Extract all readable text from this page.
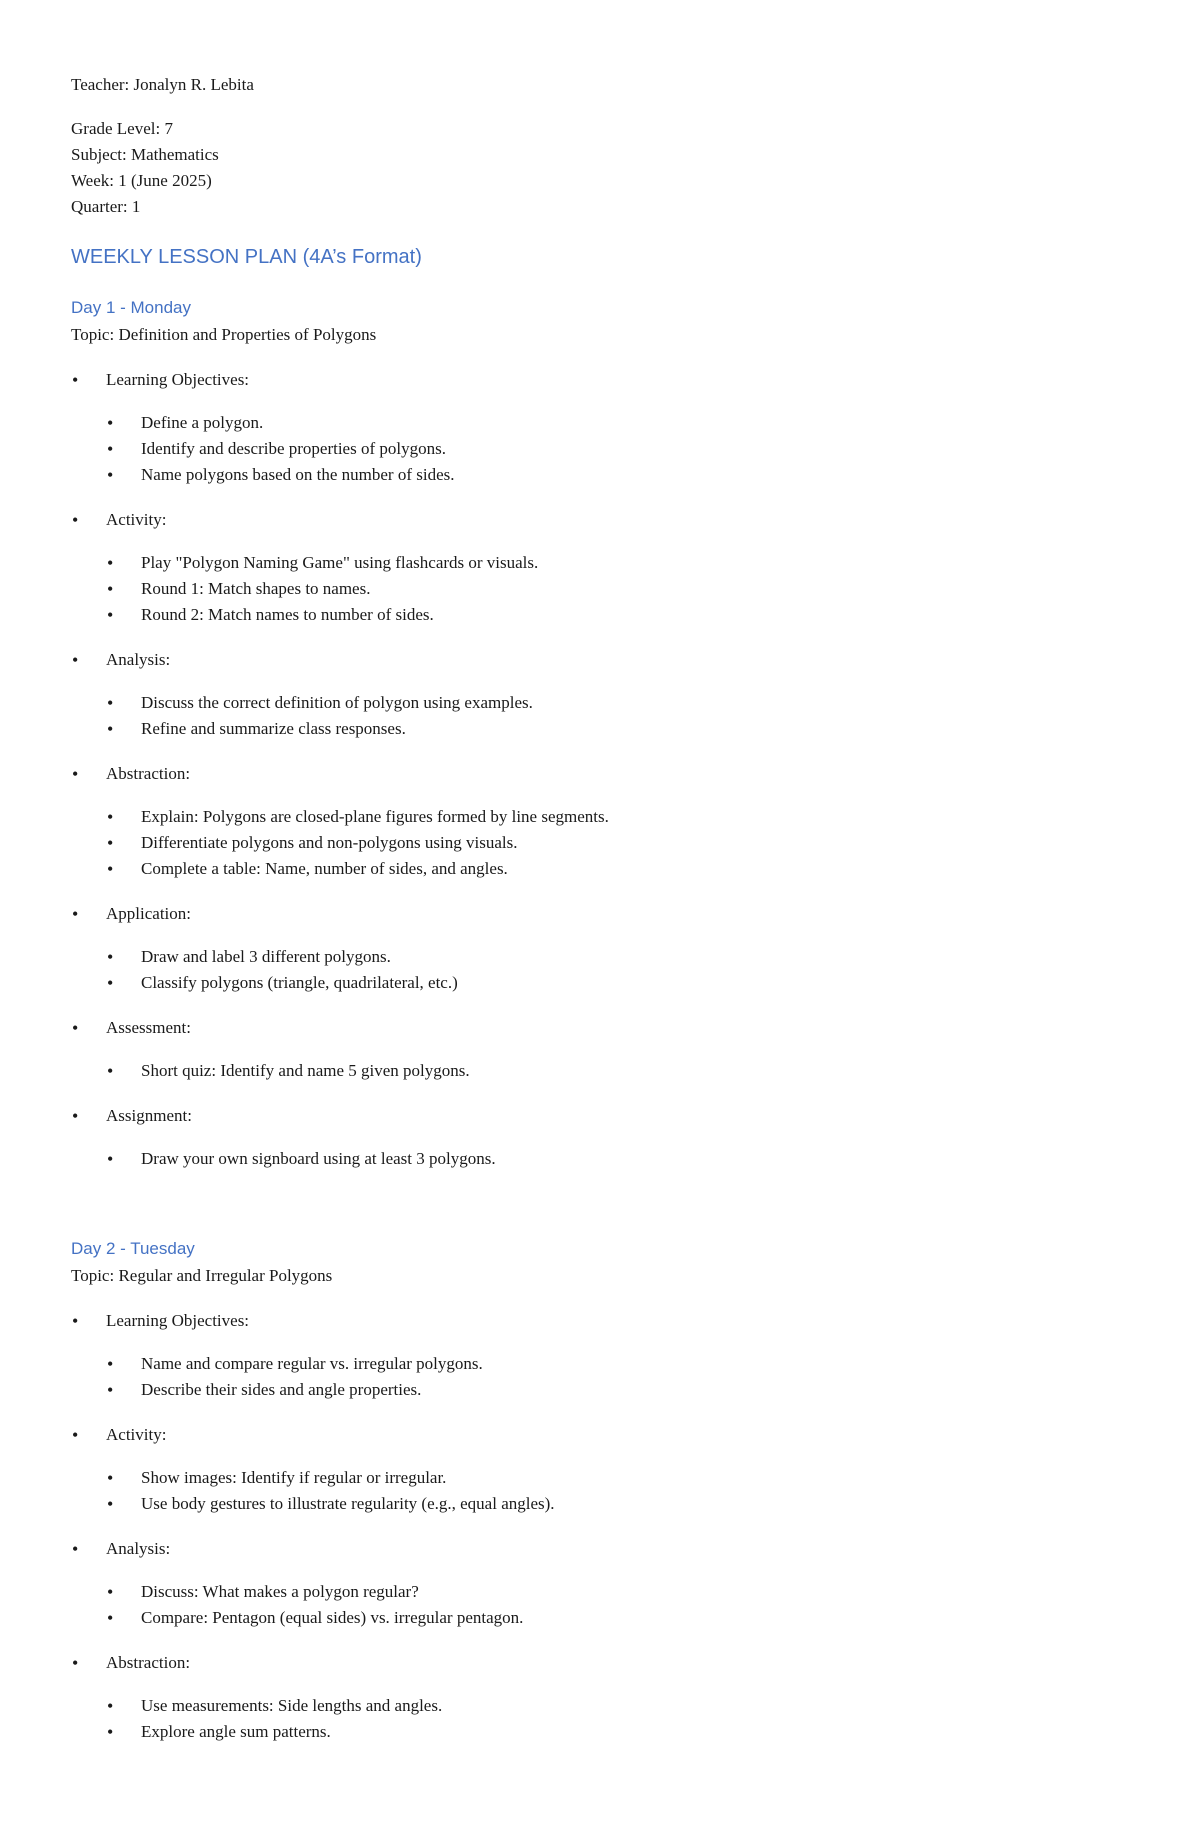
Teacher: Jonalyn R. Lebita
Grade Level: 7
Subject: Mathematics
Week: 1 (June 2025)
Quarter: 1
WEEKLY LESSON PLAN (4A’s Format)
Day 1 - Monday
Topic: Definition and Properties of Polygons
• Learning Objectives:
• Define a polygon.
• Identify and describe properties of polygons.
• Name polygons based on the number of sides.
• Activity:
• Play "Polygon Naming Game" using flashcards or visuals.
• Round 1: Match shapes to names.
• Round 2: Match names to number of sides.
• Analysis:
• Discuss the correct definition of polygon using examples.
• Refine and summarize class responses.
• Abstraction:
• Explain: Polygons are closed-plane figures formed by line segments.
• Differentiate polygons and non-polygons using visuals.
• Complete a table: Name, number of sides, and angles.
• Application:
• Draw and label 3 different polygons.
• Classify polygons (triangle, quadrilateral, etc.)
• Assessment:
• Short quiz: Identify and name 5 given polygons.
• Assignment:
• Draw your own signboard using at least 3 polygons.
Day 2 - Tuesday
Topic: Regular and Irregular Polygons
• Learning Objectives:
• Name and compare regular vs. irregular polygons.
• Describe their sides and angle properties.
• Activity:
• Show images: Identify if regular or irregular.
• Use body gestures to illustrate regularity (e.g., equal angles).
• Analysis:
• Discuss: What makes a polygon regular?
• Compare: Pentagon (equal sides) vs. irregular pentagon.
• Abstraction:
• Use measurements: Side lengths and angles.
• Explore angle sum patterns.
